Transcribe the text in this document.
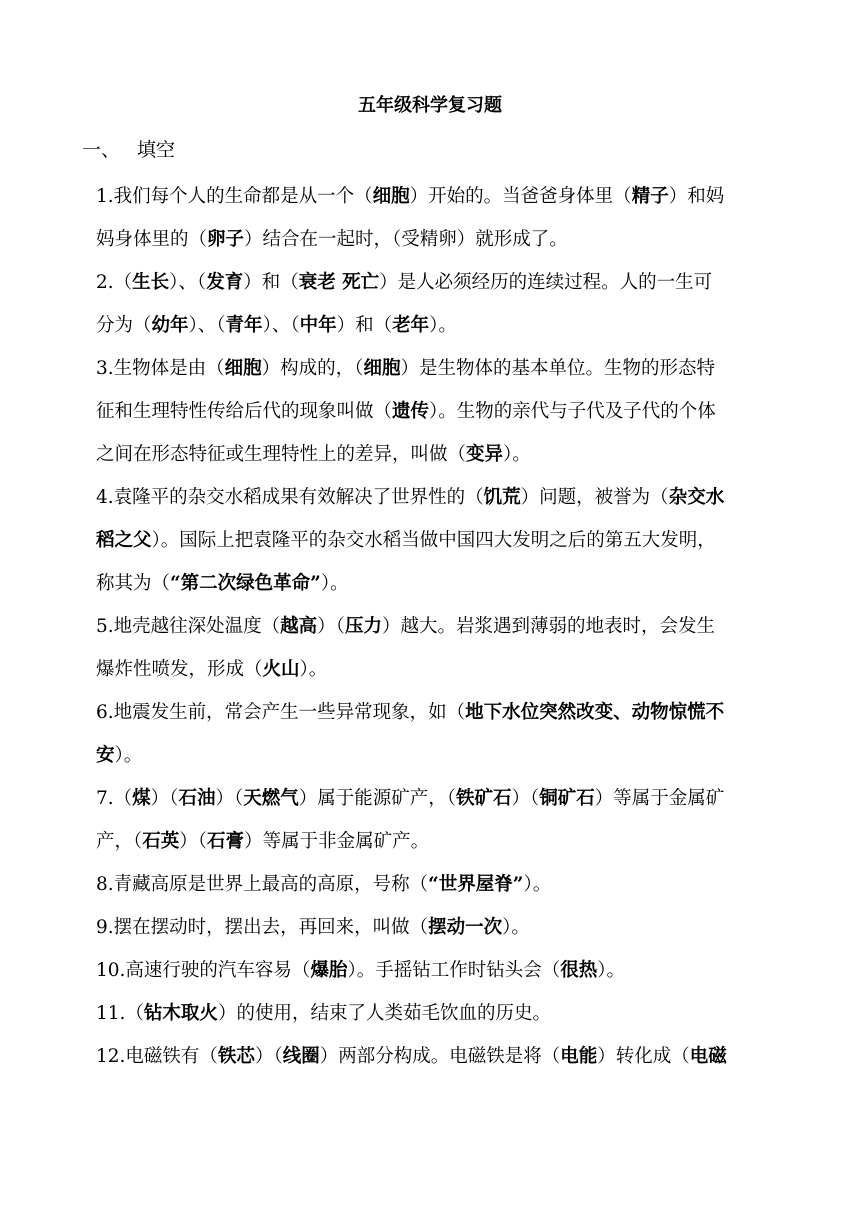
五年级科学复习题
一、 填空

1.我们每个人的生命都是从一个（细胞）开始的。当爸爸身体里（精子）和妈

妈身体里的（卵子）结合在一起时，（受精卵）就形成了。

2.（生长）、（发育）和（衰老 死亡）是人必须经历的连续过程。人的一生可

分为（幼年）、（青年）、（中年）和（老年）。

3.生物体是由（细胞）构成的，（细胞）是生物体的基本单位。生物的形态特

征和生理特性传给后代的现象叫做（遗传）。生物的亲代与子代及子代的个体

之间在形态特征或生理特性上的差异，叫做（变异）。

4.袁隆平的杂交水稻成果有效解决了世界性的（饥荒）问题，被誉为（杂交水

稻之父）。国际上把袁隆平的杂交水稻当做中国四大发明之后的第五大发明，

称其为（“第二次绿色革命”）。

5.地壳越往深处温度（越高）（压力）越大。岩浆遇到薄弱的地表时，会发生

爆炸性喷发，形成（火山）。

6.地震发生前，常会产生一些异常现象，如（地下水位突然改变、动物惊慌不

安）。

7.（煤）（石油）（天燃气）属于能源矿产，（铁矿石）（铜矿石）等属于金属矿

产，（石英）（石膏）等属于非金属矿产。

8.青藏高原是世界上最高的高原，号称（“世界屋脊”）。

9.摆在摆动时，摆出去，再回来，叫做（摆动一次）。

10.高速行驶的汽车容易（爆胎）。手摇钻工作时钻头会（很热）。

11.（钻木取火）的使用，结束了人类茹毛饮血的历史。

12.电磁铁有（铁芯）（线圈）两部分构成。电磁铁是将（电能）转化成（电磁
